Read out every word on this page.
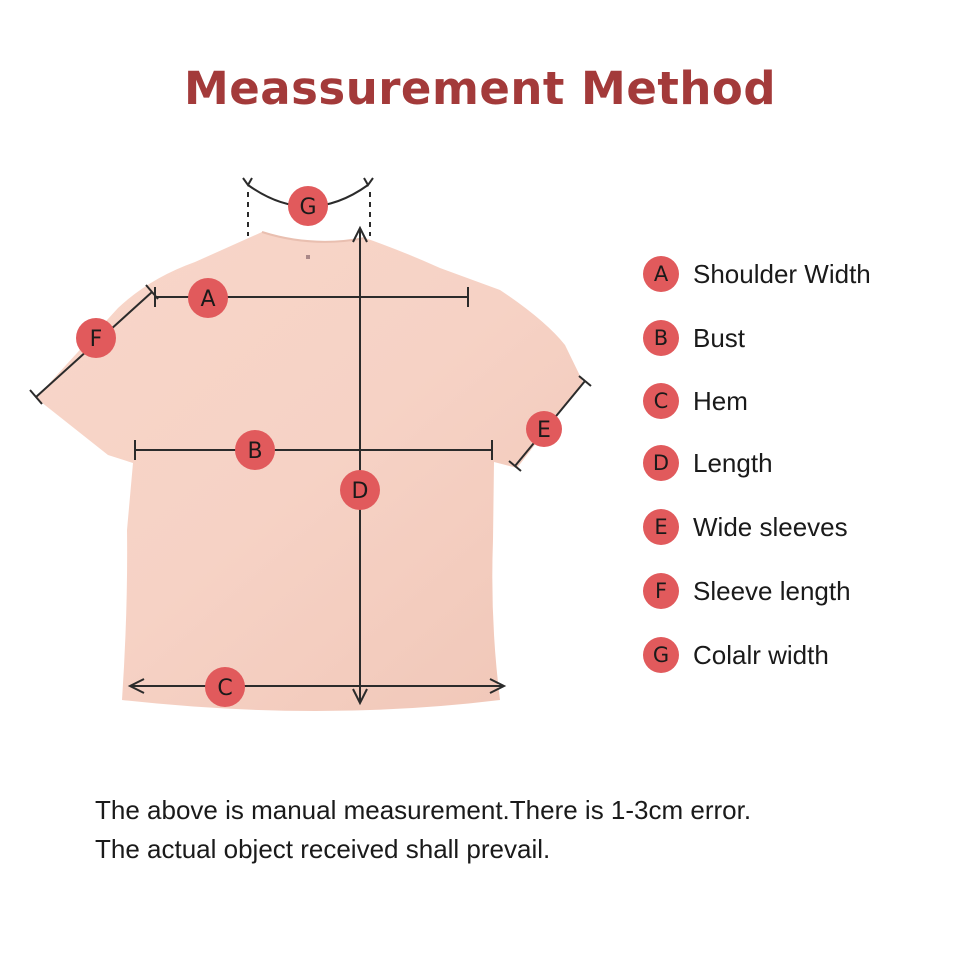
Meassurement Method
G
A
F
B
E
D
C
A Shoulder Width
B Bust
C Hem
D Length
E Wide sleeves
F Sleeve length
G Colalr width
The above is manual measurement.There is 1-3cm error.
The actual object received shall prevail.
